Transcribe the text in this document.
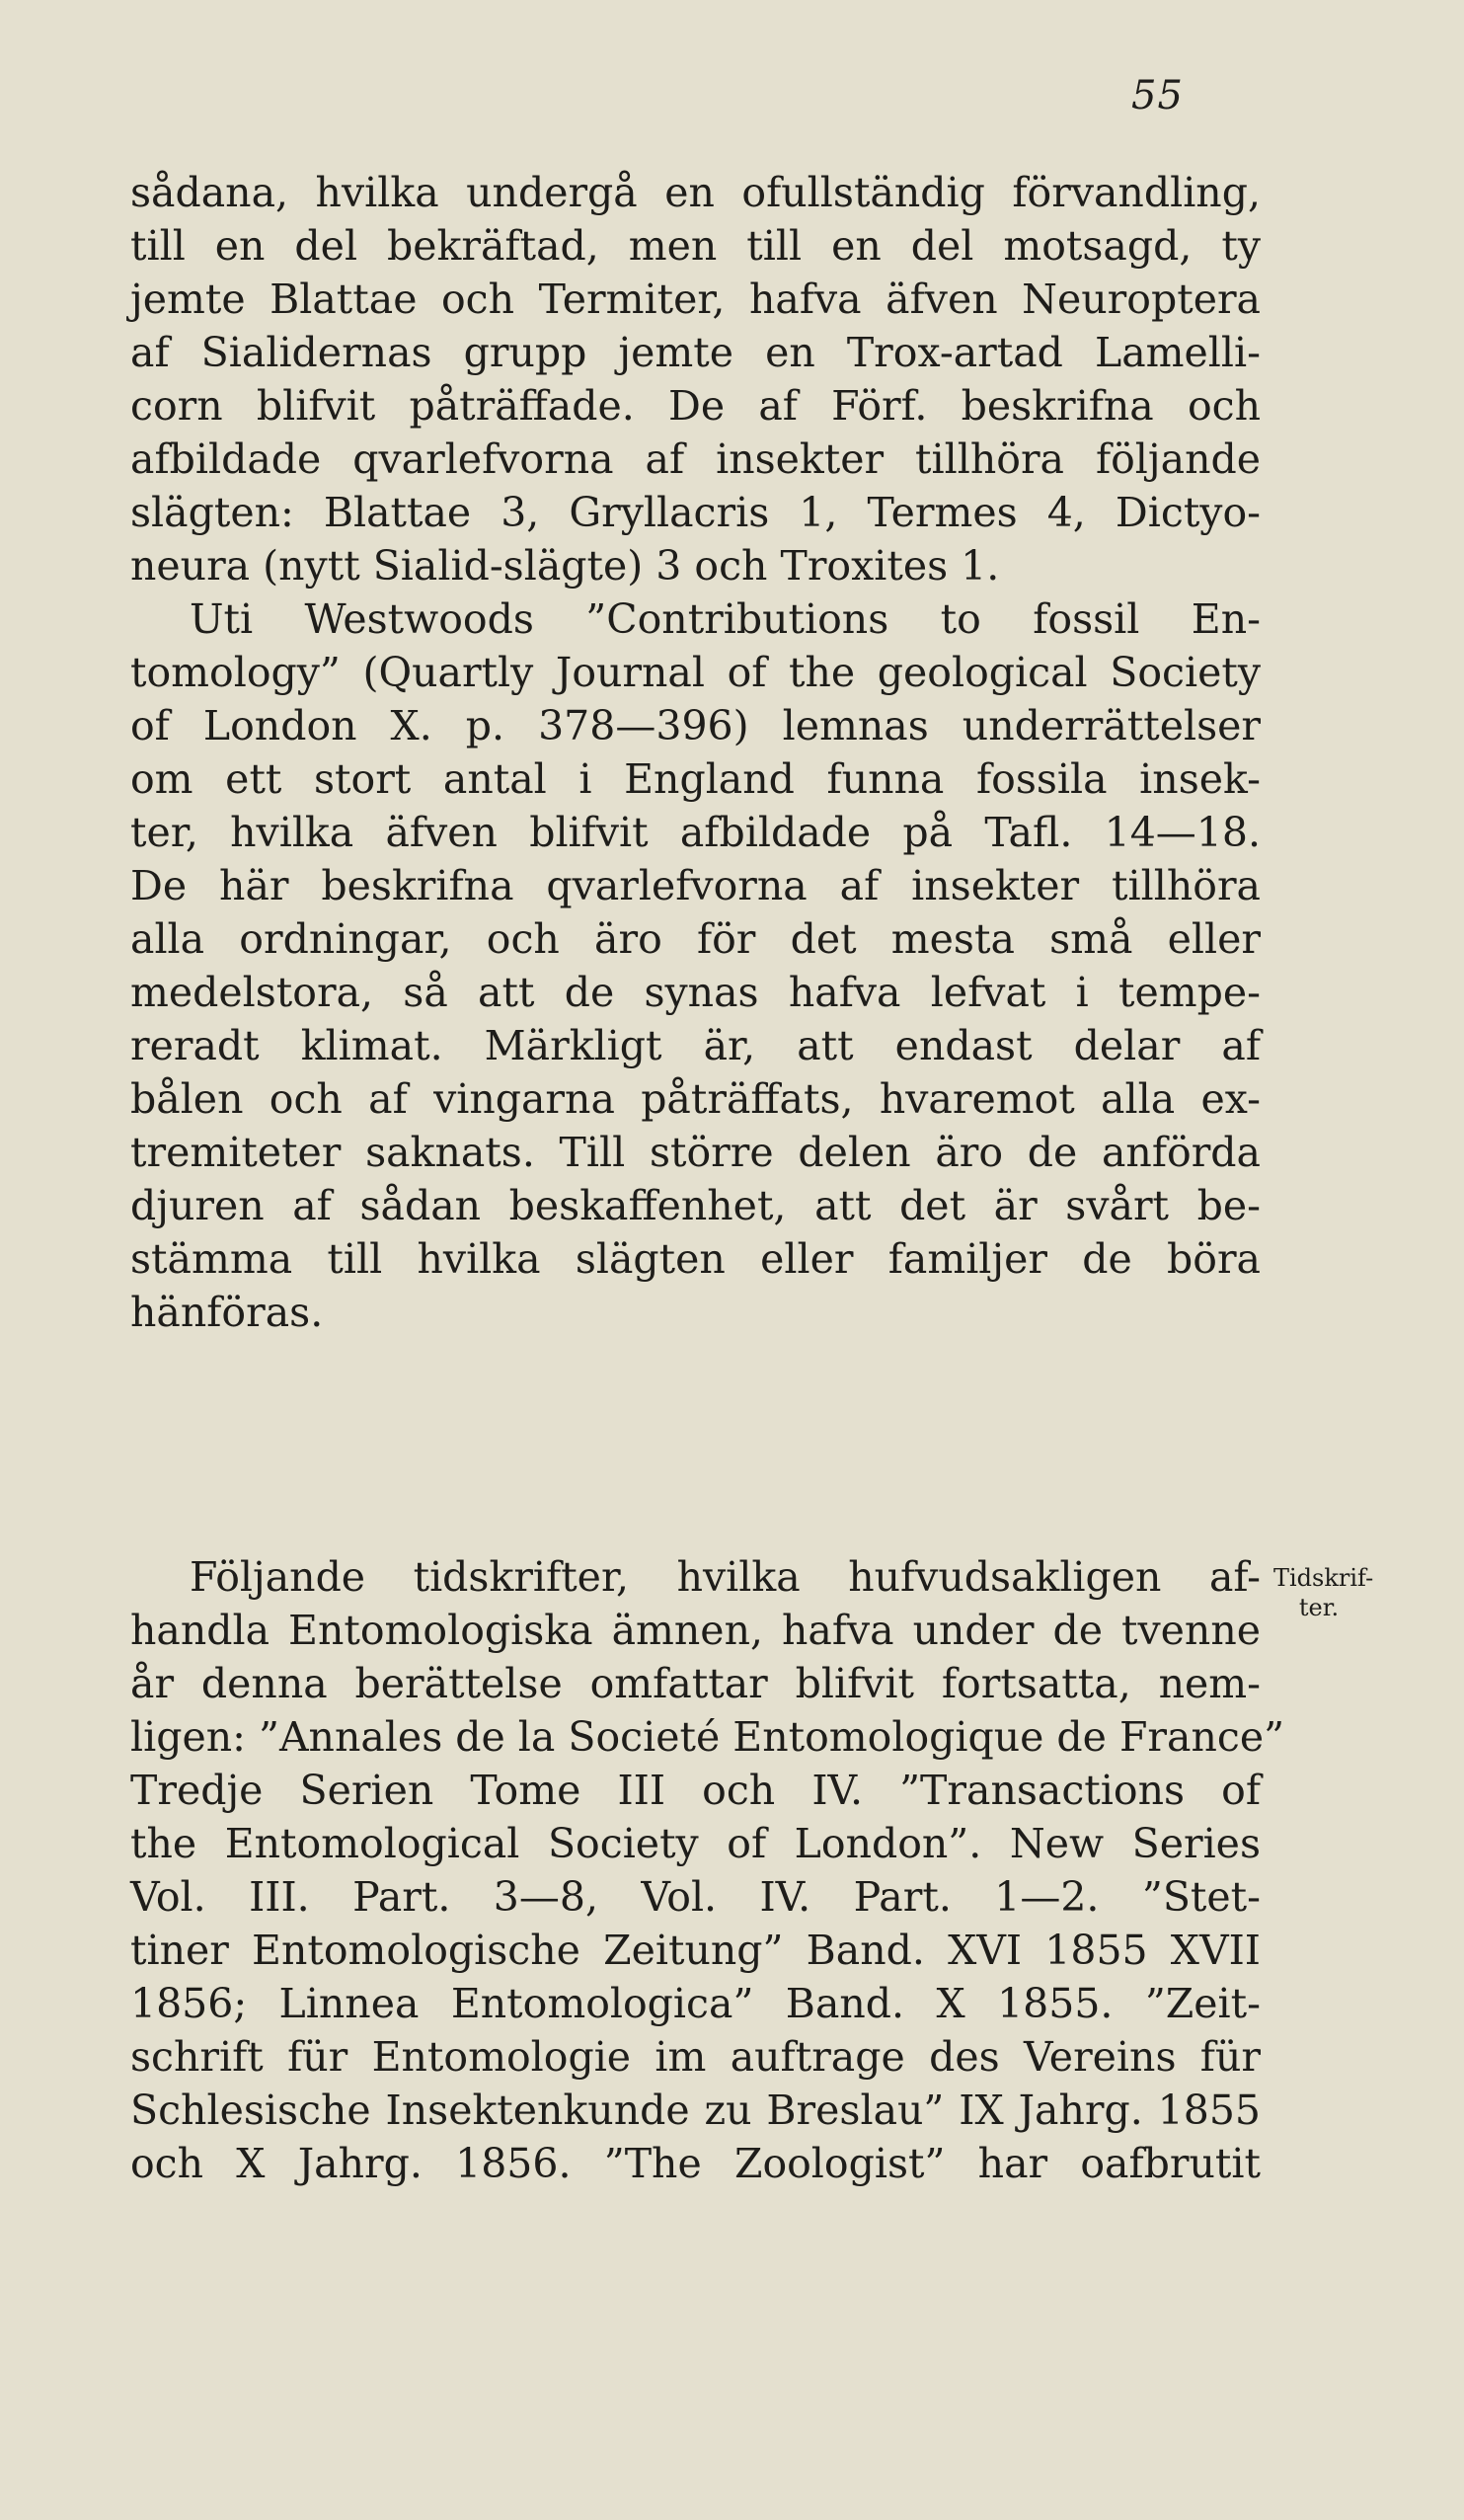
55
sådana, hvilka undergå en ofullständig förvandling,
till en del bekräftad, men till en del motsagd, ty
jemte Blattae och Termiter, hafva äfven Neuroptera
af Sialidernas grupp jemte en Trox-artad Lamelli-
corn blifvit påträffade. De af Förf. beskrifna och
afbildade qvarlefvorna af insekter tillhöra följande
slägten: Blattae 3, Gryllacris 1, Termes 4, Dictyo-
neura (nytt Sialid-slägte) 3 och Troxites 1.
Uti Westwoods ”Contributions to fossil En-
tomology” (Quartly Journal of the geological Society
of London X. p. 378—396) lemnas underrättelser
om ett stort antal i England funna fossila insek-
ter, hvilka äfven blifvit afbildade på Tafl. 14—18.
De här beskrifna qvarlefvorna af insekter tillhöra
alla ordningar, och äro för det mesta små eller
medelstora, så att de synas hafva lefvat i tempe-
reradt klimat. Märkligt är, att endast delar af
bålen och af vingarna påträffats, hvaremot alla ex-
tremiteter saknats. Till större delen äro de anförda
djuren af sådan beskaffenhet, att det är svårt be-
stämma till hvilka slägten eller familjer de böra
hänföras.
Följande tidskrifter, hvilka hufvudsakligen af-
handla Entomologiska ämnen, hafva under de tvenne
år denna berättelse omfattar blifvit fortsatta, nem-
ligen: ”Annales de la Societé Entomologique de France”
Tredje Serien Tome III och IV. ”Transactions of
the Entomological Society of London”. New Series
Vol. III. Part. 3—8, Vol. IV. Part. 1—2. ”Stet-
tiner Entomologische Zeitung” Band. XVI 1855 XVII
1856; Linnea Entomologica” Band. X 1855. ”Zeit-
schrift für Entomologie im auftrage des Vereins für
Schlesische Insektenkunde zu Breslau” IX Jahrg. 1855
och X Jahrg. 1856. ”The Zoologist” har oafbrutit
Tidskrif-
ter.
